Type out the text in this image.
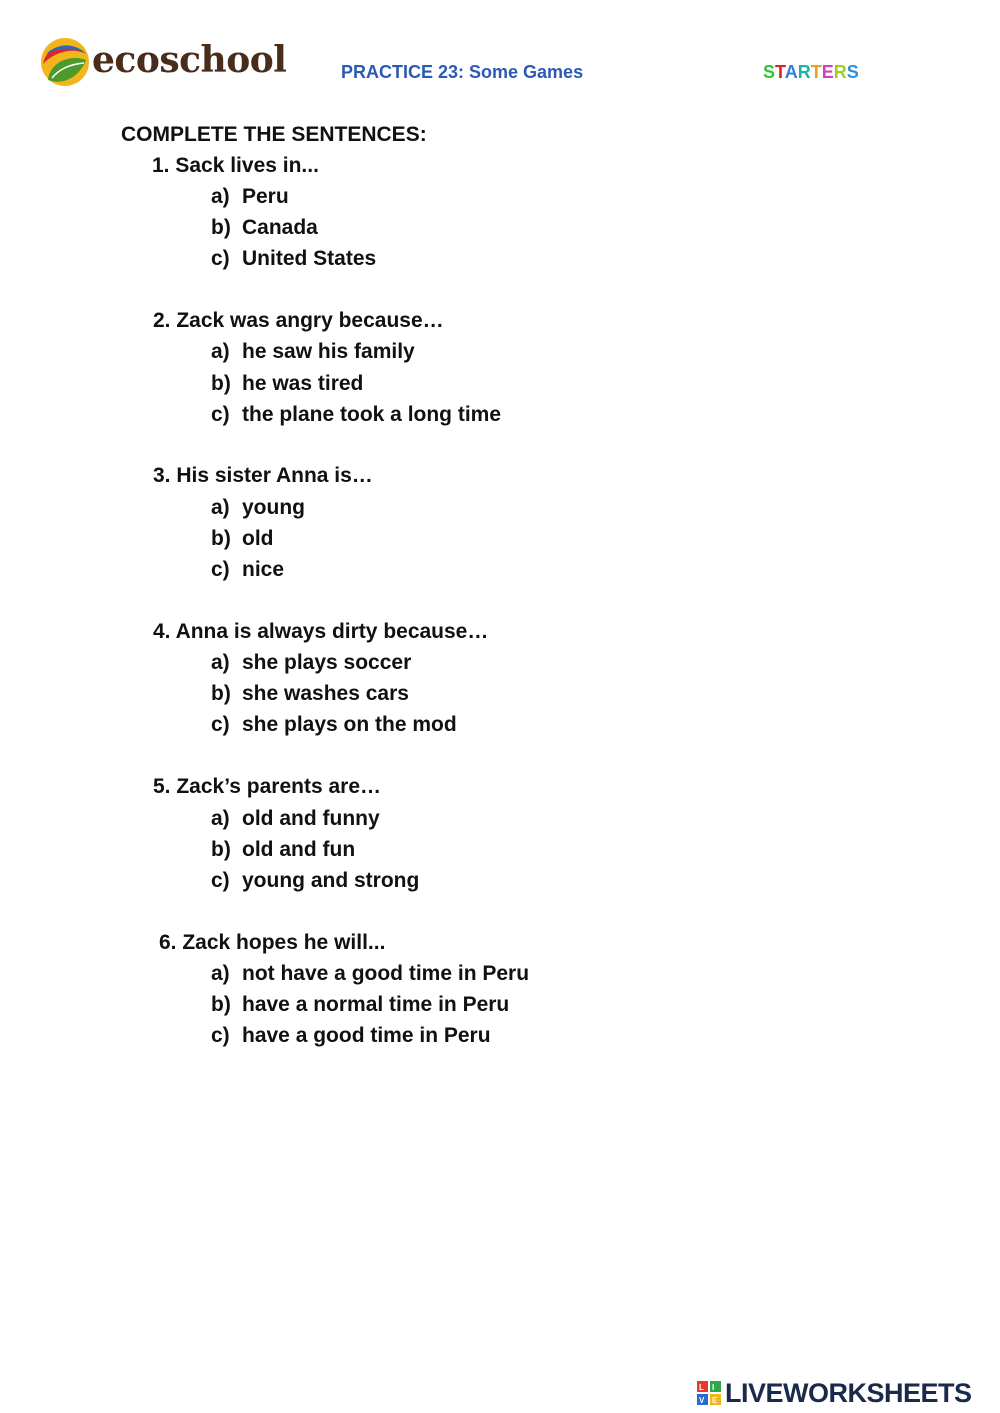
ecoschool	PRACTICE 23: Some Games	STARTERS
COMPLETE THE SENTENCES:
1. Sack lives in...
a) Peru
b) Canada
c) United States
2. Zack was angry because…
a) he saw his family
b) he was tired
c) the plane took a long time
3. His sister Anna is…
a) young
b) old
c) nice
4. Anna is always dirty because…
a) she plays soccer
b) she washes cars
c) she plays on the mod
5. Zack’s parents are…
a) old and funny
b) old and fun
c) young and strong
6. Zack hopes he will...
a) not have a good time in Peru
b) have a normal time in Peru
c) have a good time in Peru
L I
V E LIVEWORKSHEETS
